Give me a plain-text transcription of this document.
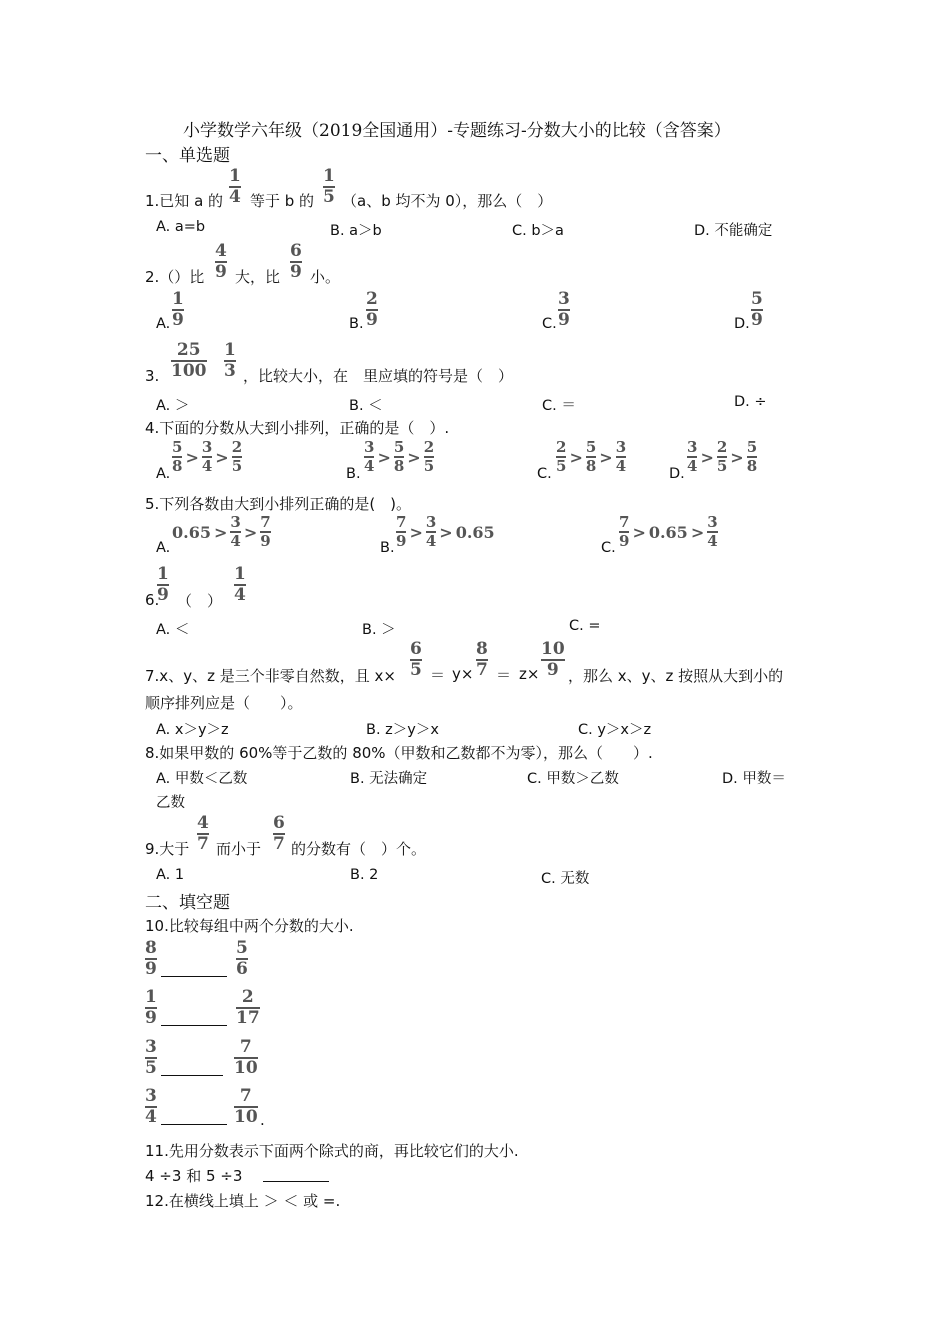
小学数学六年级（2019全国通用）-专题练习-分数大小的比较（含答案）
一、单选题
1.已知 a 的
1
4 等于 b 的
1
5 （a、b 均不为 0），那么（　）
A. a=b	B. a＞b	C. b＞a	D. 不能确定
2.（）比
4
9 大，比
6
9 小。
A.
1
9	B.
2
9	C.
3
9	D.
5
9
3.
25
100
1
3 ，比较大小，在　里应填的符号是（　）
A. ＞	B. ＜	C. ＝	D. ÷
4.下面的分数从大到小排列，正确的是（　）.
A. $\frac{5}{8} > \frac{3}{4} > \frac{2}{5}$	B. $\frac{3}{4} > \frac{5}{8} > \frac{2}{5}$	C. $\frac{2}{5} > \frac{5}{8} > \frac{3}{4}$	D. $\frac{3}{4} > \frac{2}{5} > \frac{5}{8}$
5.下列各数由大到小排列正确的是(　)。
A.
$0.65 > \frac{3}{4} > \frac{7}{9}$	B. $\frac{7}{9} > \frac{3}{4} > 0.65$
C. $\frac{7}{9} > 0.65 > \frac{3}{4}$
1
9
6. （　）
1
4
A. ＜	B. ＞	C. =
7.x、y、z 是三个非零自然数，且 x×
6
5 ＝ y×
8
7 ＝ z×
10
9 ，那么 x、y、z 按照从大到小的
顺序排列应是（　　）。
A. x＞y＞z	B. z＞y＞x	C. y＞x＞z
8.如果甲数的 60%等于乙数的 80%（甲数和乙数都不为零），那么（　　）.
A. 甲数＜乙数	B. 无法确定	C. 甲数＞乙数	D. 甲数＝
乙数
9.大于
4
7 而小于
6
7 的分数有（　）个。
A. 1	B. 2	C. 无数
二、填空题
10.比较每组中两个分数的大小.
8
9
5
6
1
9
2
17
3
5
7
10
3
4
7
10 .
11.先用分数表示下面两个除式的商，再比较它们的大小.
4 ÷3 和 5 ÷3
12.在横线上填上 ＞ ＜ 或 =.
